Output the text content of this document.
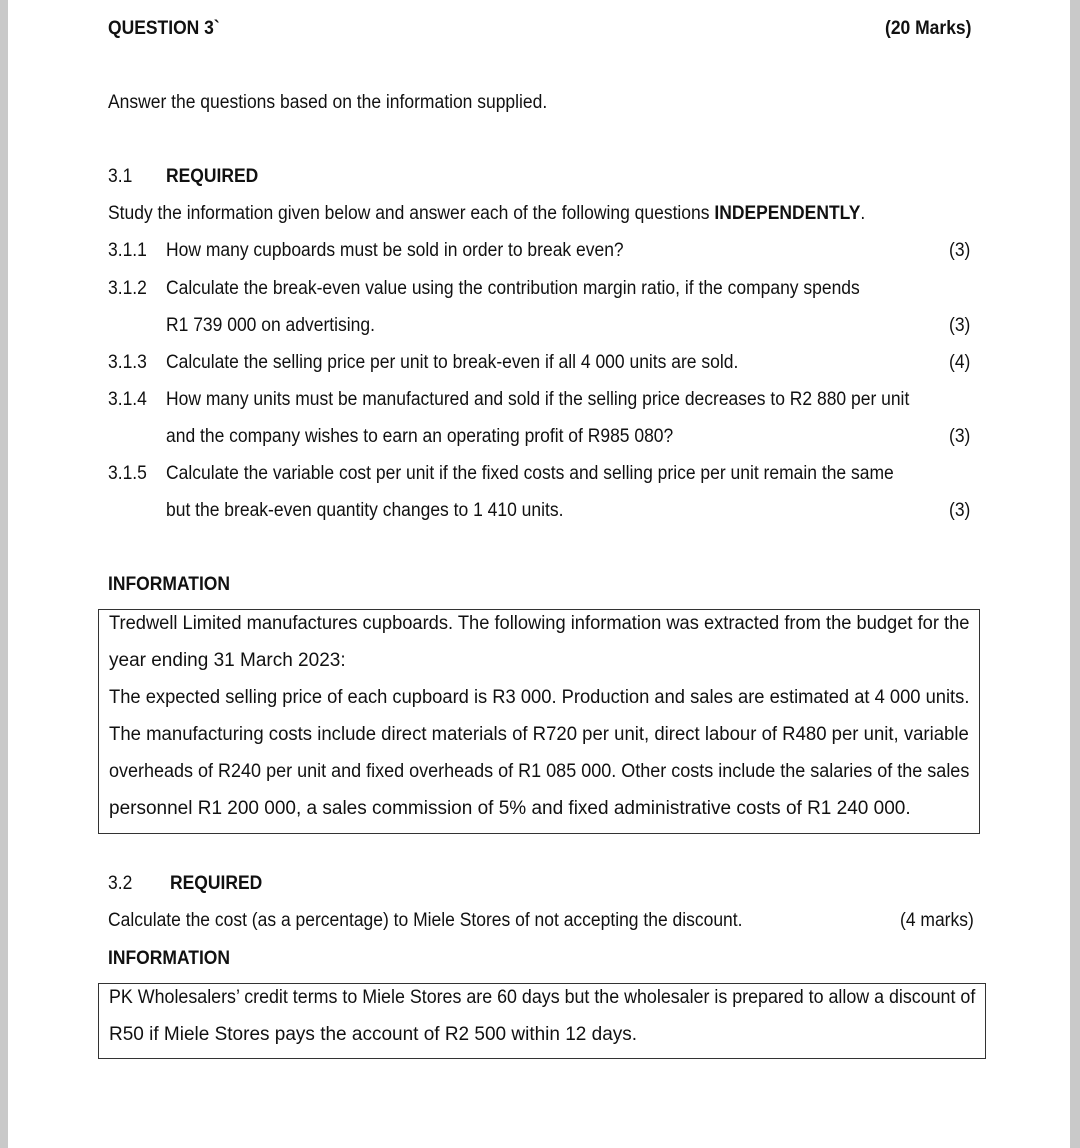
QUESTION 3`	(20 Marks)
Answer the questions based on the information supplied.
3.1 REQUIRED
Study the information given below and answer each of the following questions INDEPENDENTLY.
3.1.1 How many cupboards must be sold in order to break even?	(3)
3.1.2 Calculate the break-even value using the contribution margin ratio, if the company spends
R1 739 000 on advertising.	(3)
3.1.3 Calculate the selling price per unit to break-even if all 4 000 units are sold.	(4)
3.1.4 How many units must be manufactured and sold if the selling price decreases to R2 880 per unit
and the company wishes to earn an operating profit of R985 080?	(3)
3.1.5 Calculate the variable cost per unit if the fixed costs and selling price per unit remain the same
but the break-even quantity changes to 1 410 units.	(3)
INFORMATION
Tredwell Limited manufactures cupboards. The following information was extracted from the budget for the
year ending 31 March 2023:
The expected selling price of each cupboard is R3 000. Production and sales are estimated at 4 000 units.
The manufacturing costs include direct materials of R720 per unit, direct labour of R480 per unit, variable
overheads of R240 per unit and fixed overheads of R1 085 000. Other costs include the salaries of the sales
personnel R1 200 000, a sales commission of 5% and fixed administrative costs of R1 240 000.
3.2 REQUIRED
Calculate the cost (as a percentage) to Miele Stores of not accepting the discount.	(4 marks)
INFORMATION
PK Wholesalers’ credit terms to Miele Stores are 60 days but the wholesaler is prepared to allow a discount of
R50 if Miele Stores pays the account of R2 500 within 12 days.
